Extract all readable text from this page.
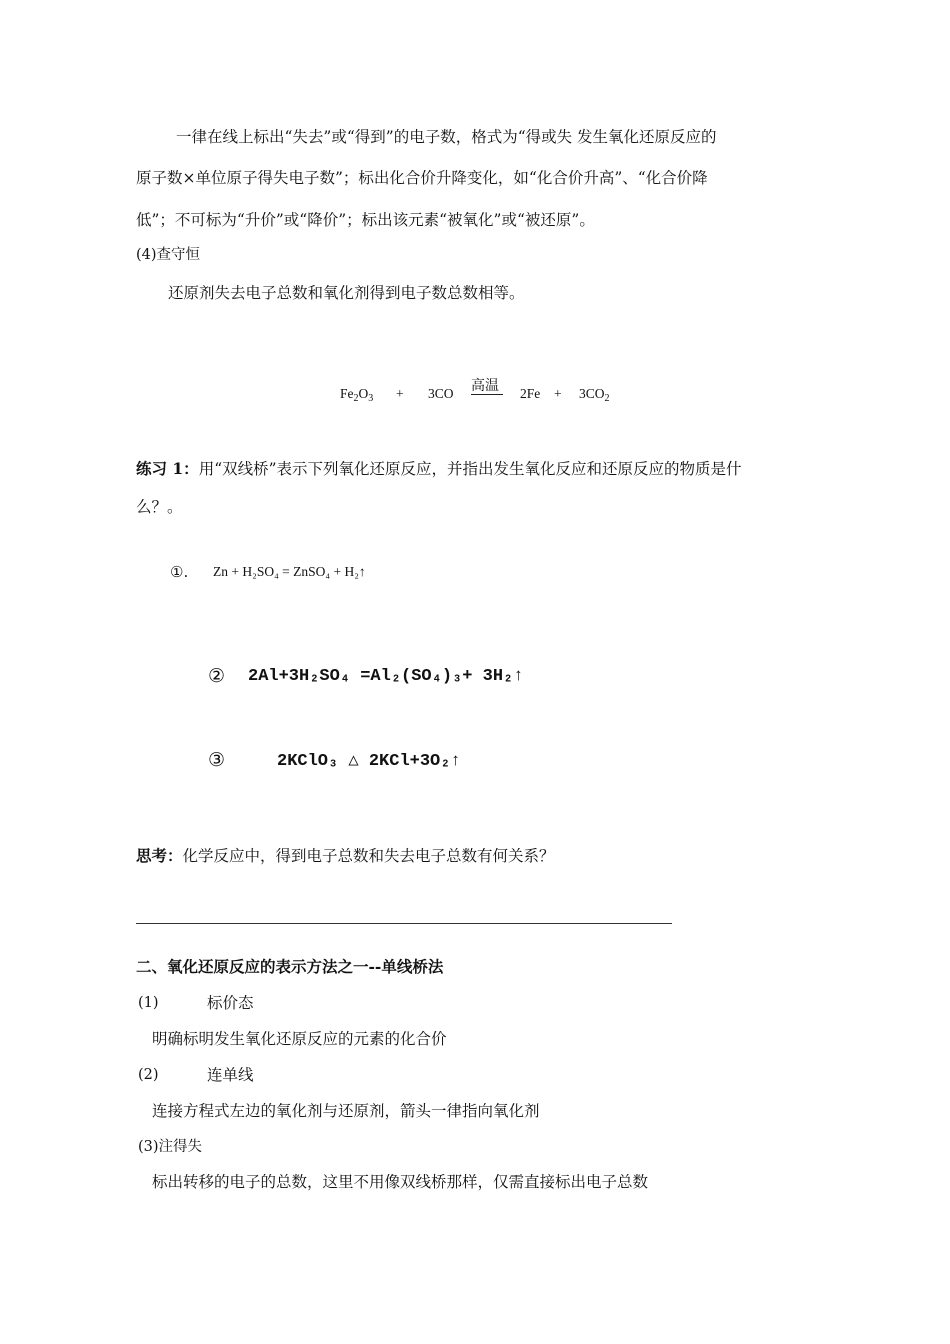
一律在线上标出“失去”或“得到”的电子数，格式为“得或失 发生氧化还原反应的
原子数×单位原子得失电子数”；标出化合价升降变化，如“化合价升高”、“化合价降
低”；不可标为“升价”或“降价”；标出该元素“被氧化”或“被还原”。
(4)查守恒
还原剂失去电子总数和氧化剂得到电子数总数相等。
$Fe_2O_3 + 3CO$ 高温 $2Fe + 3CO_2$
练习 1：用“双线桥”表示下列氧化还原反应，并指出发生氧化反应和还原反应的物质是什
么？。
①. Zn + H₂SO₄ = ZnSO₄ + H₂↑
② 2Al+3H₂SO₄ =Al₂(SO₄)₃+ 3H₂↑
③	2KClO₃ △ 2KCl+3O₂↑
思考：化学反应中，得到电子总数和失去电子总数有何关系？
二、氧化还原反应的表示方法之一--单线桥法
(1)	标价态
明确标明发生氧化还原反应的元素的化合价
(2)	连单线
连接方程式左边的氧化剂与还原剂，箭头一律指向氧化剂
(3)注得失
标出转移的电子的总数，这里不用像双线桥那样，仅需直接标出电子总数
